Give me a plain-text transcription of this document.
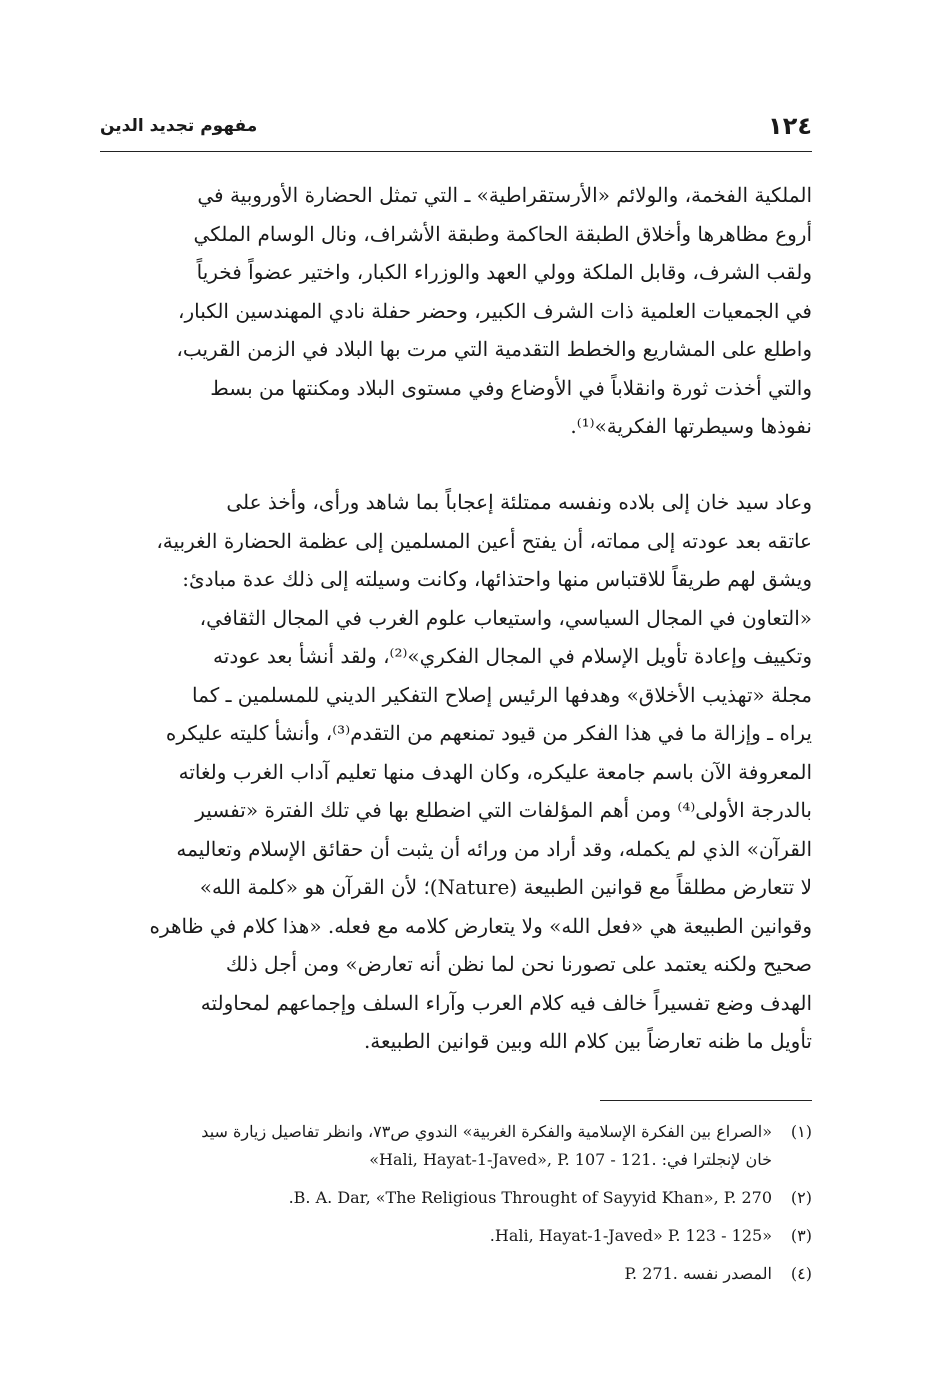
١٢٤
مفهوم تجديد الدين

الملكية الفخمة، والولائم «الأرستقراطية» ـ التي تمثل الحضارة الأوروبية في
أروع مظاهرها وأخلاق الطبقة الحاكمة وطبقة الأشراف، ونال الوسام الملكي
ولقب الشرف، وقابل الملكة وولي العهد والوزراء الكبار، واختير عضواً فخرياً
في الجمعيات العلمية ذات الشرف الكبير، وحضر حفلة نادي المهندسين الكبار،
واطلع على المشاريع والخطط التقدمية التي مرت بها البلاد في الزمن القريب،
والتي أخذت ثورة وانقلاباً في الأوضاع وفي مستوى البلاد ومكنتها من بسط
نفوذها وسيطرتها الفكرية»⁽¹⁾.

وعاد سيد خان إلى بلاده ونفسه ممتلئة إعجاباً بما شاهد ورأى، وأخذ على
عاتقه بعد عودته إلى مماته، أن يفتح أعين المسلمين إلى عظمة الحضارة الغربية،
ويشق لهم طريقاً للاقتباس منها واحتذائها، وكانت وسيلته إلى ذلك عدة مبادئ:
«التعاون في المجال السياسي، واستيعاب علوم الغرب في المجال الثقافي،
وتكييف وإعادة تأويل الإسلام في المجال الفكري»⁽²⁾، ولقد أنشأ بعد عودته
مجلة «تهذيب الأخلاق» وهدفها الرئيس إصلاح التفكير الديني للمسلمين ـ كما
يراه ـ وإزالة ما في هذا الفكر من قيود تمنعهم من التقدم⁽³⁾، وأنشأ كليته عليكره
المعروفة الآن باسم جامعة عليكره، وكان الهدف منها تعليم آداب الغرب ولغاته
بالدرجة الأولى⁽⁴⁾ ومن أهم المؤلفات التي اضطلع بها في تلك الفترة «تفسير
القرآن» الذي لم يكمله، وقد أراد من ورائه أن يثبت أن حقائق الإسلام وتعاليمه
لا تتعارض مطلقاً مع قوانين الطبيعة (Nature)؛ لأن القرآن هو «كلمة الله»
وقوانين الطبيعة هي «فعل الله» ولا يتعارض كلامه مع فعله. «هذا كلام في ظاهره
صحيح ولكنه يعتمد على تصورنا نحن لما نظن أنه تعارض» ومن أجل ذلك
الهدف وضع تفسيراً خالف فيه كلام العرب وآراء السلف وإجماعهم لمحاولته
تأويل ما ظنه تعارضاً بين كلام الله وبين قوانين الطبيعة.

(١)
«الصراع بين الفكرة الإسلامية والفكرة الغربية» الندوي ص٧٣، وانظر تفاصيل زيارة سيد
خان لإنجلترا في: .Hali, Hayat-1-Javed», P. 107 - 121»
(٢)
B. A. Dar, «The Religious Throught of Sayyid Khan», P. 270.
(٣)
«Hali, Hayat-1-Javed» P. 123 - 125.
(٤)
المصدر نفسه .P. 271
